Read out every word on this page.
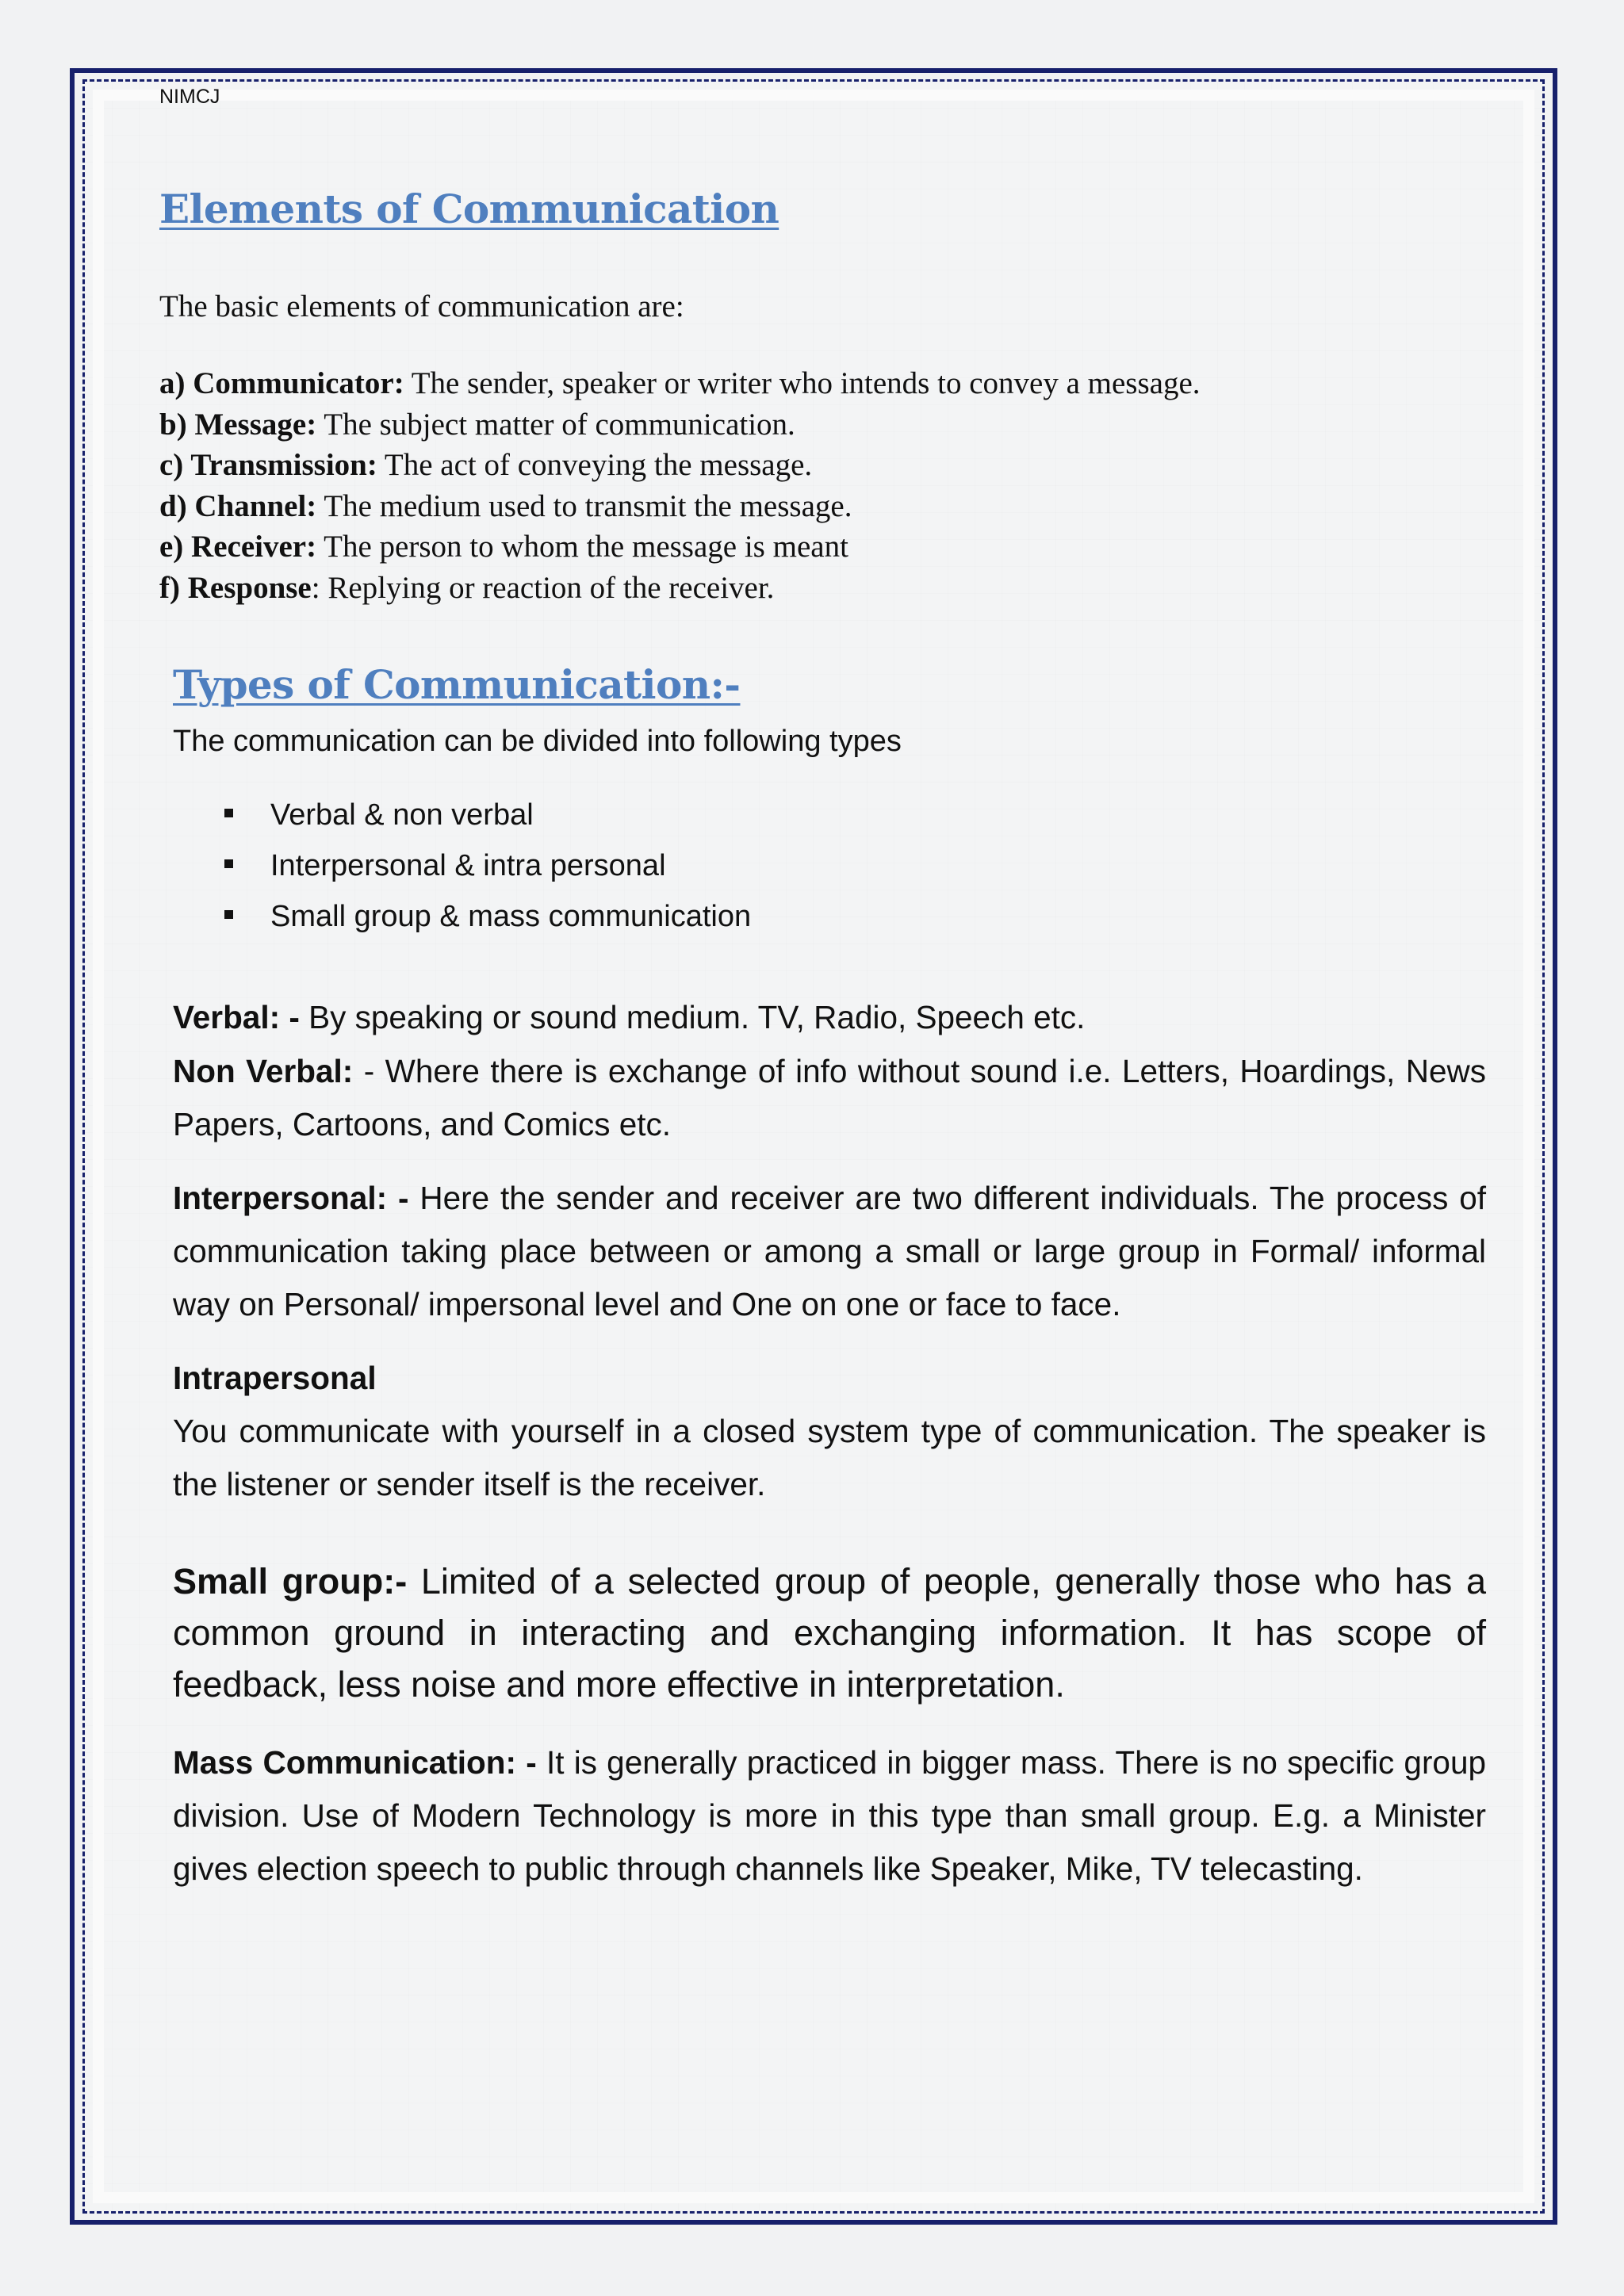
NIMCJ
Elements of Communication

The basic elements of communication are:

a) Communicator: The sender, speaker or writer who intends to convey a message.
b) Message: The subject matter of communication.
c) Transmission: The act of conveying the message.
d) Channel: The medium used to transmit the message.
e) Receiver: The person to whom the message is meant
f) Response: Replying or reaction of the receiver.
Types of Communication:-

The communication can be divided into following types

Verbal & non verbal
Interpersonal & intra personal
Small group & mass communication

Verbal: - By speaking or sound medium. TV, Radio, Speech etc.

Non Verbal: - Where there is exchange of info without sound i.e. Letters, Hoardings, News Papers, Cartoons, and Comics etc.

Interpersonal: - Here the sender and receiver are two different individuals. The process of communication taking place between or among a small or large group in Formal/ informal way on Personal/ impersonal level and One on one or face to face.

Intrapersonal

You communicate with yourself in a closed system type of communication. The speaker is the listener or sender itself is the receiver.

Small group:- Limited of a selected group of people, generally those who has a common ground in interacting and exchanging information. It has scope of feedback, less noise and more effective in interpretation.

Mass Communication: - It is generally practiced in bigger mass. There is no specific group division. Use of Modern Technology is more in this type than small group. E.g. a Minister gives election speech to public through channels like Speaker, Mike, TV telecasting.
